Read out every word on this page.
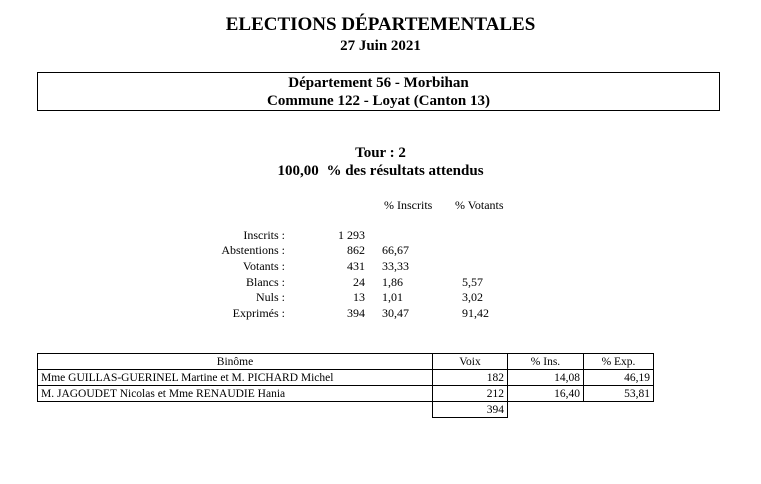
ELECTIONS DÉPARTEMENTALES
27 Juin 2021
Département 56 - Morbihan
Commune 122 - Loyat (Canton 13)
Tour : 2
100,00 % des résultats attendus
% Inscrits % Votants
Inscrits :	1 293
Abstentions :	862 66,67
Votants :	431 33,33
Blancs :	24 1,86	5,57
Nuls :	13 1,01	3,02
Exprimés :	394 30,47	91,42
Binôme	Voix	% Ins.	% Exp.
Mme GUILLAS-GUERINEL Martine et M. PICHARD Michel	182	14,08	46,19
M. JAGOUDET Nicolas et Mme RENAUDIE Hania	212	16,40	53,81
	394		
